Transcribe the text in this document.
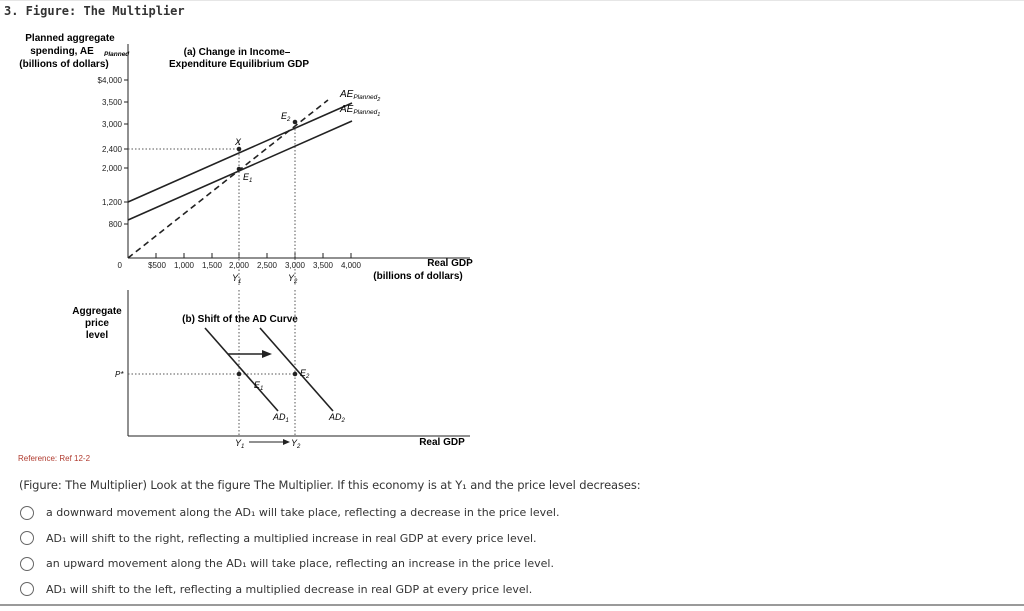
3. Figure: The Multiplier
Planned aggregate
spending, AE Planned
(billions of dollars)
(a) Change in Income–
Expenditure Equilibrium GDP
$4,000
3,500
3,000
2,400
2,000
1,200
800
0	$500 1,000 1,500 2,000 2,500 3,000 3,500 4,000
$Y_1$	$Y_2$
Real GDP
(billions of dollars)
X
$E_1$
$E_2$
$AE_{Planned2}$
$AE_{Planned1}$
Aggregate
price
level
(b) Shift of the AD Curve
P*
$E_1$
$E_2$
$AD_1$	$AD_2$
$Y_1$	$Y_2$	Real GDP
Reference: Ref 12-2
(Figure: The Multiplier) Look at the figure The Multiplier. If this economy is at Y₁ and the price level decreases:
a downward movement along the AD₁ will take place, reflecting a decrease in the price level.
AD₁ will shift to the right, reflecting a multiplied increase in real GDP at every price level.
an upward movement along the AD₁ will take place, reflecting an increase in the price level.
AD₁ will shift to the left, reflecting a multiplied decrease in real GDP at every price level.
